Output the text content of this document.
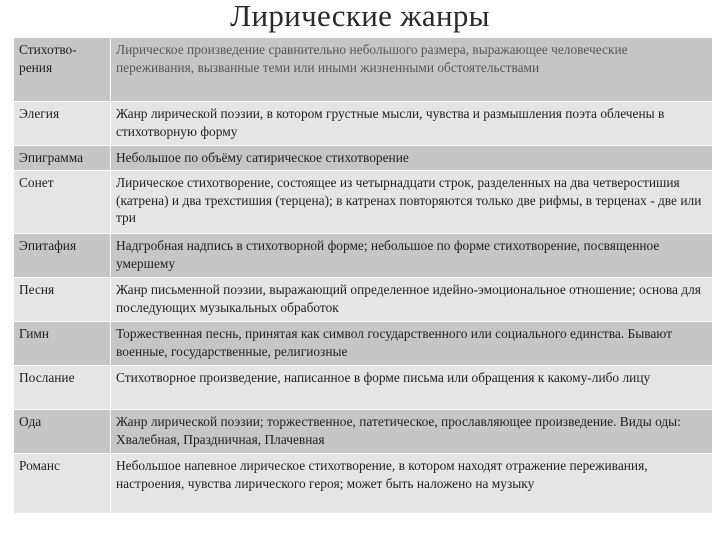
Лирические жанры
Стихотво-рения	Лирическое произведение сравнительно небольшого размера, выражающее человеческие переживания, вызванные теми или иными жизненными обстоятельствами
Элегия	Жанр лирической поэзии, в котором грустные мысли, чувства и размышления поэта облечены в стихотворную форму
Эпиграмма	Небольшое по объёму сатирическое стихотворение
Сонет	Лирическое стихотворение, состоящее из четырнадцати строк, разделенных на два четверостишия (катрена) и два трехстишия (терцена); в катренах повторяются только две рифмы, в терценах - две или три
Эпитафия	Надгробная надпись в стихотворной форме; небольшое по форме стихотворение, посвященное умершему
Песня	Жанр письменной поэзии, выражающий определенное идейно-эмоциональное отношение; основа для последующих музыкальных обработок
Гимн	Торжественная песнь, принятая как символ государственного или социального единства. Бывают военные, государственные, религиозные
Послание	Стихотворное произведение, написанное в форме письма или обращения к какому-либо лицу
Ода	Жанр лирической поэзии; торжественное, патетическое, прославляющее произведение. Виды оды: Хвалебная, Праздничная, Плачевная
Романс	Небольшое напевное лирическое стихотворение, в котором находят отражение переживания, настроения, чувства лирического героя; может быть наложено на музыку
